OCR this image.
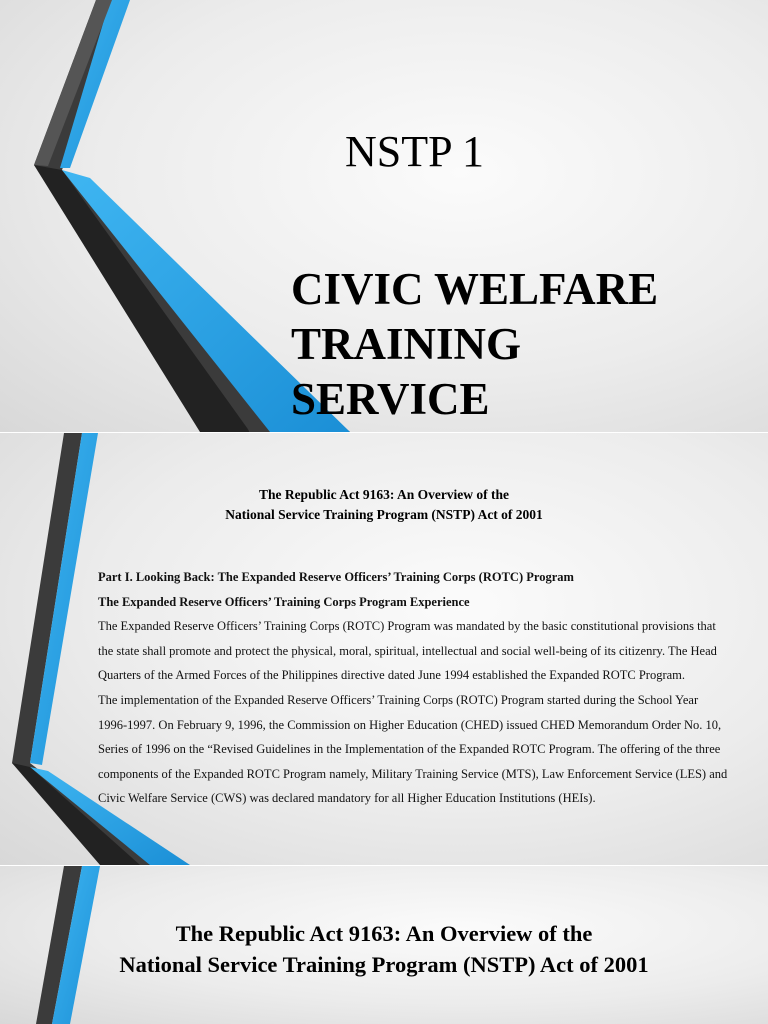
NSTP 1
CIVIC WELFARE
TRAINING
SERVICE
The Republic Act 9163: An Overview of the
National Service Training Program (NSTP) Act of 2001
Part I. Looking Back: The Expanded Reserve Officers’ Training Corps (ROTC) Program
The Expanded Reserve Officers’ Training Corps Program Experience
The Expanded Reserve Officers’ Training Corps (ROTC) Program was mandated by the basic constitutional provisions that the state shall promote and protect the physical, moral, spiritual, intellectual and social well-being of its citizenry. The Head Quarters of the Armed Forces of the Philippines directive dated June 1994 established the Expanded ROTC Program.
The implementation of the Expanded Reserve Officers’ Training Corps (ROTC) Program started during the School Year 1996-1997. On February 9, 1996, the Commission on Higher Education (CHED) issued CHED Memorandum Order No. 10, Series of 1996 on the “Revised Guidelines in the Implementation of the Expanded ROTC Program. The offering of the three components of the Expanded ROTC Program namely, Military Training Service (MTS), Law Enforcement Service (LES) and Civic Welfare Service (CWS) was declared mandatory for all Higher Education Institutions (HEIs).
The Republic Act 9163: An Overview of the
National Service Training Program (NSTP) Act of 2001
